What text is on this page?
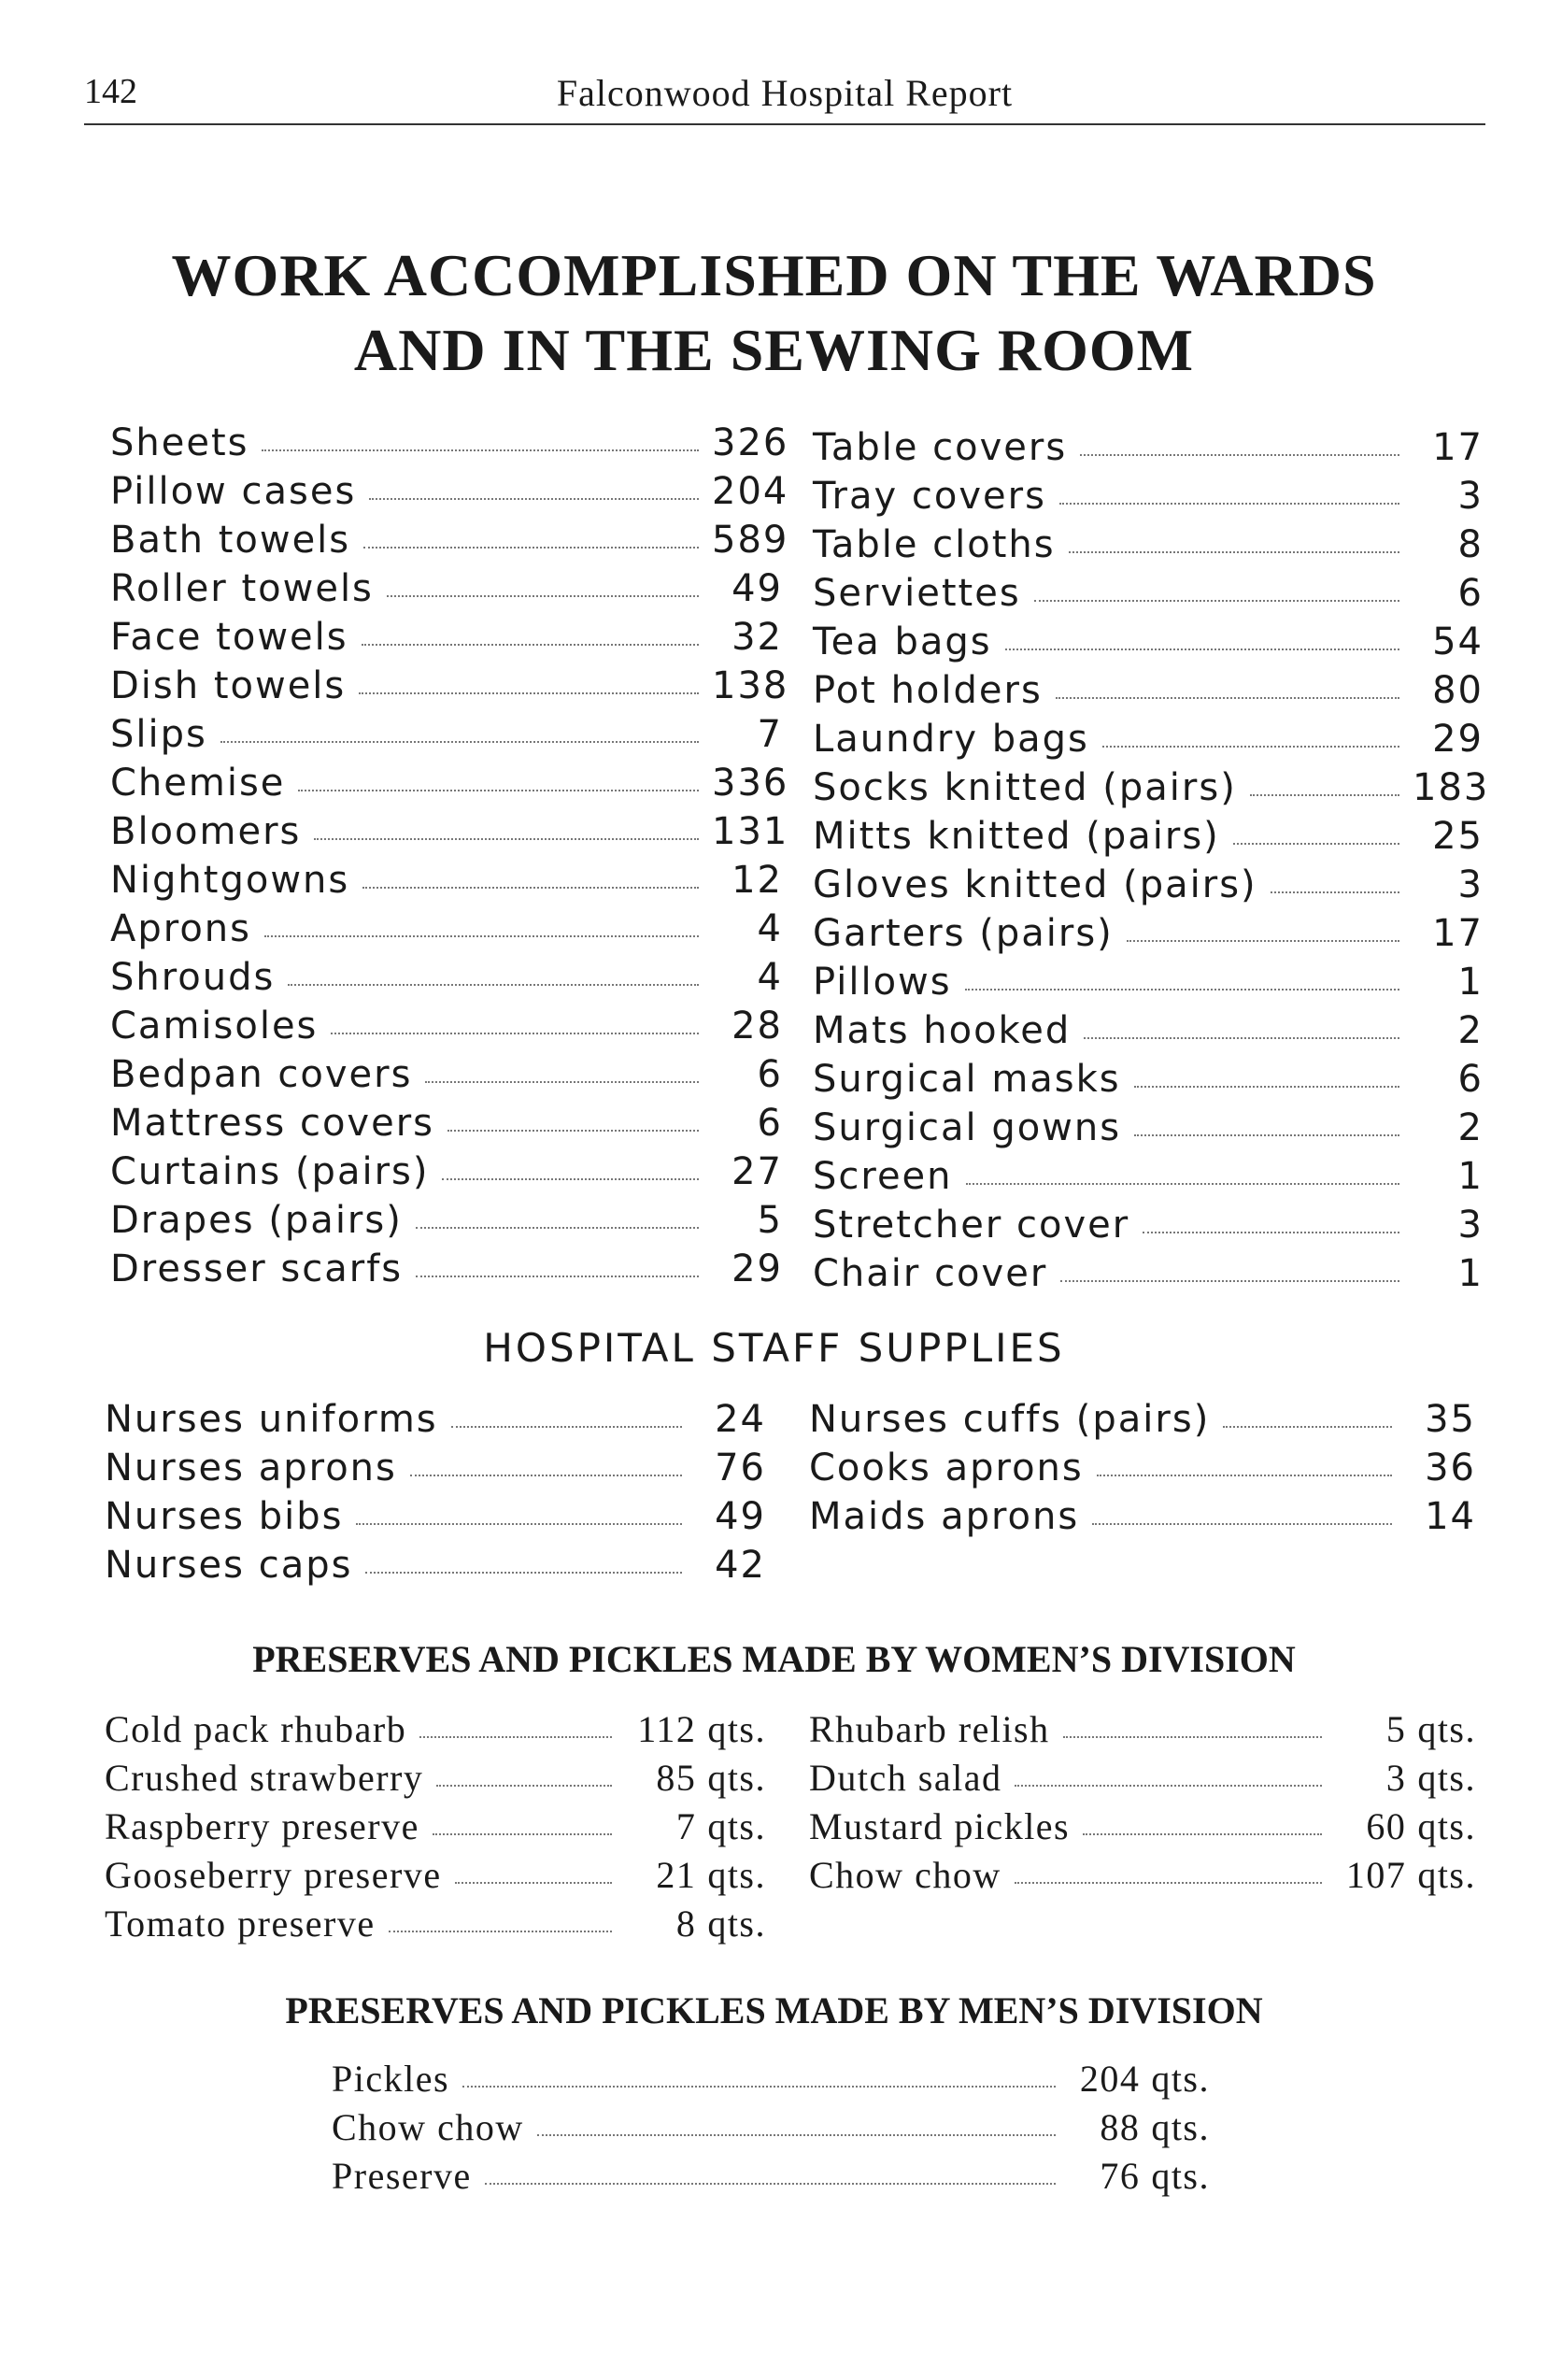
142	Falconwood Hospital Report
WORK ACCOMPLISHED ON THE WARDS
AND IN THE SEWING ROOM
Sheets	326
Pillow cases	204
Bath towels	589
Roller towels	49
Face towels	32
Dish towels	138
Slips	7
Chemise	336
Bloomers	131
Nightgowns	12
Aprons	4
Shrouds	4
Camisoles	28
Bedpan covers	6
Mattress covers	6
Curtains (pairs)	27
Drapes (pairs)	5
Dresser scarfs	29
Table covers	17
Tray covers	3
Table cloths	8
Serviettes	6
Tea bags	54
Pot holders	80
Laundry bags	29
Socks knitted (pairs)	183
Mitts knitted (pairs)	25
Gloves knitted (pairs)	3
Garters (pairs)	17
Pillows	1
Mats hooked	2
Surgical masks	6
Surgical gowns	2
Screen	1
Stretcher cover	3
Chair cover	1
HOSPITAL STAFF SUPPLIES
Nurses uniforms	24
Nurses aprons	76
Nurses bibs	49
Nurses caps	42
Nurses cuffs (pairs)	35
Cooks aprons	36
Maids aprons	14
PRESERVES AND PICKLES MADE BY WOMEN’S DIVISION
Cold pack rhubarb	112 qts.
Crushed strawberry	85 qts.
Raspberry preserve	7 qts.
Gooseberry preserve	21 qts.
Tomato preserve	8 qts.
Rhubarb relish	5 qts.
Dutch salad	3 qts.
Mustard pickles	60 qts.
Chow chow	107 qts.
PRESERVES AND PICKLES MADE BY MEN’S DIVISION
Pickles	204 qts.
Chow chow	88 qts.
Preserve	76 qts.
